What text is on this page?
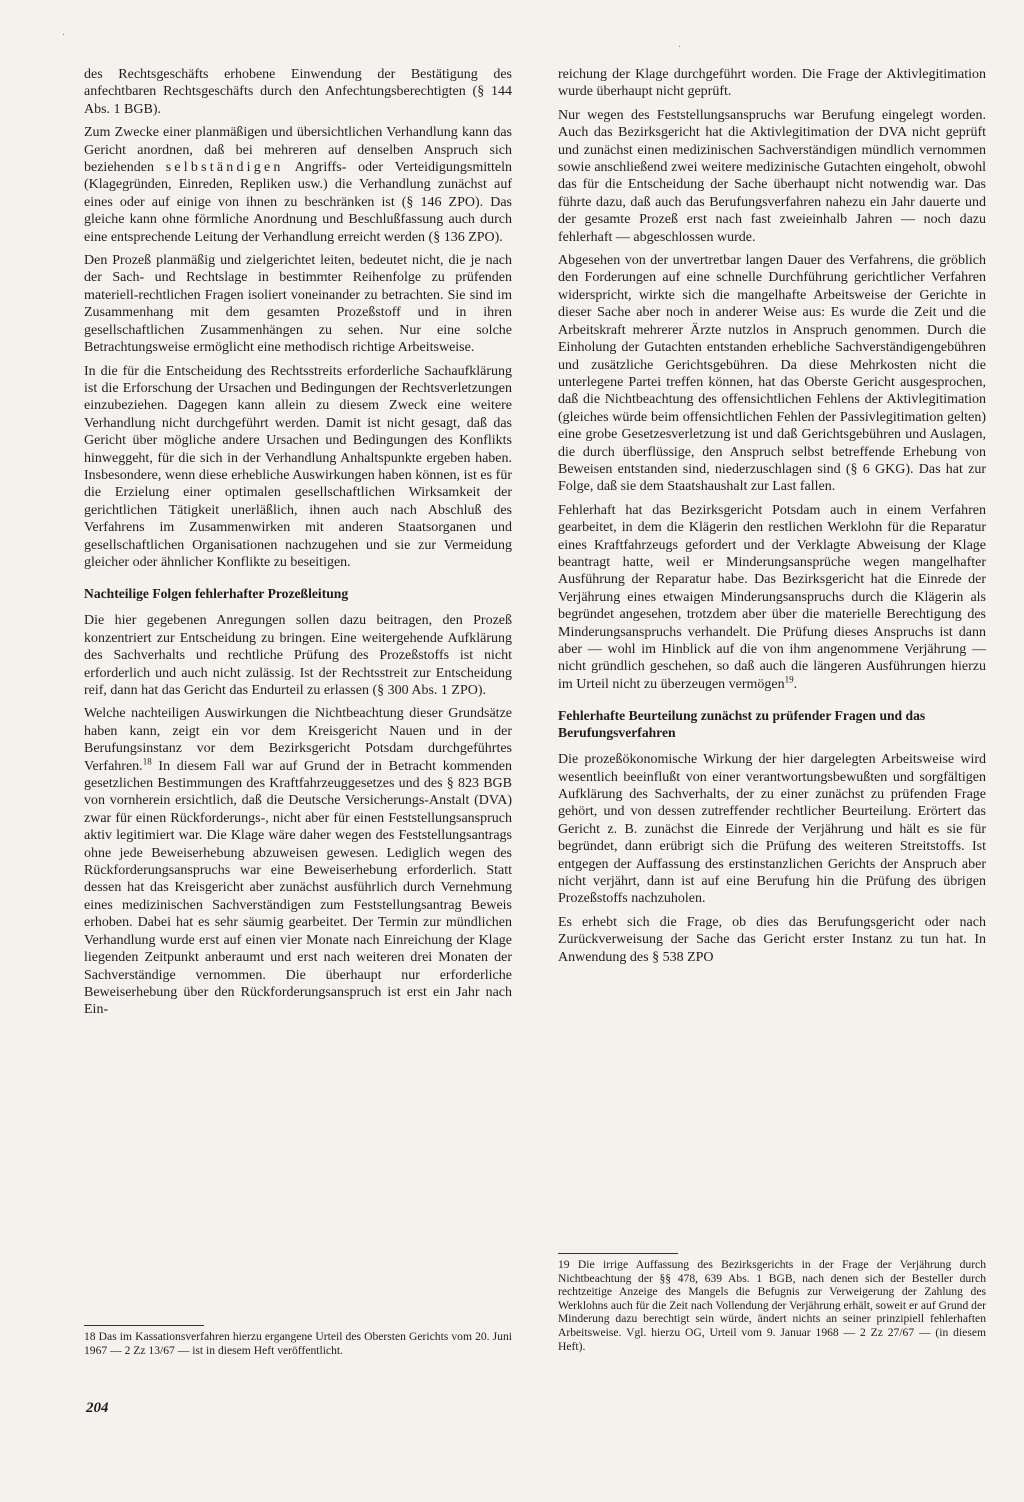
·
·

des Rechtsgeschäfts erhobene Einwendung der Bestätigung des anfechtbaren Rechtsgeschäfts durch den Anfechtungsberechtigten (§ 144 Abs. 1 BGB).

Zum Zwecke einer planmäßigen und übersichtlichen Verhandlung kann das Gericht anordnen, daß bei mehreren auf denselben Anspruch sich beziehenden selbständigen Angriffs- oder Verteidigungsmitteln (Klagegründen, Einreden, Repliken usw.) die Verhandlung zunächst auf eines oder auf einige von ihnen zu beschränken ist (§ 146 ZPO). Das gleiche kann ohne förmliche Anordnung und Beschlußfassung auch durch eine entsprechende Leitung der Verhandlung erreicht werden (§ 136 ZPO).

Den Prozeß planmäßig und zielgerichtet leiten, bedeutet nicht, die je nach der Sach- und Rechtslage in bestimmter Reihenfolge zu prüfenden materiell-rechtlichen Fragen isoliert voneinander zu betrachten. Sie sind im Zusammenhang mit dem gesamten Prozeßstoff und in ihren gesellschaftlichen Zusammenhängen zu sehen. Nur eine solche Betrachtungsweise ermöglicht eine methodisch richtige Arbeitsweise.

In die für die Entscheidung des Rechtsstreits erforderliche Sachaufklärung ist die Erforschung der Ursachen und Bedingungen der Rechtsverletzungen einzubeziehen. Dagegen kann allein zu diesem Zweck eine weitere Verhandlung nicht durchgeführt werden. Damit ist nicht gesagt, daß das Gericht über mögliche andere Ursachen und Bedingungen des Konflikts hinweggeht, für die sich in der Verhandlung Anhaltspunkte ergeben haben. Insbesondere, wenn diese erhebliche Auswirkungen haben können, ist es für die Erzielung einer optimalen gesellschaftlichen Wirksamkeit der gerichtlichen Tätigkeit unerläßlich, ihnen auch nach Abschluß des Verfahrens im Zusammenwirken mit anderen Staatsorganen und gesellschaftlichen Organisationen nachzugehen und sie zur Vermeidung gleicher oder ähnlicher Konflikte zu beseitigen.

Nachteilige Folgen fehlerhafter Prozeßleitung

Die hier gegebenen Anregungen sollen dazu beitragen, den Prozeß konzentriert zur Entscheidung zu bringen. Eine weitergehende Aufklärung des Sachverhalts und rechtliche Prüfung des Prozeßstoffs ist nicht erforderlich und auch nicht zulässig. Ist der Rechtsstreit zur Entscheidung reif, dann hat das Gericht das Endurteil zu erlassen (§ 300 Abs. 1 ZPO).

Welche nachteiligen Auswirkungen die Nichtbeachtung dieser Grundsätze haben kann, zeigt ein vor dem Kreisgericht Nauen und in der Berufungsinstanz vor dem Bezirksgericht Potsdam durchgeführtes Verfahren.$^{18}$ In diesem Fall war auf Grund der in Betracht kommenden gesetzlichen Bestimmungen des Kraftfahrzeuggesetzes und des § 823 BGB von vornherein ersichtlich, daß die Deutsche Versicherungs-Anstalt (DVA) zwar für einen Rückforderungs-, nicht aber für einen Feststellungsanspruch aktiv legitimiert war. Die Klage wäre daher wegen des Feststellungsantrags ohne jede Beweiserhebung abzuweisen gewesen. Lediglich wegen des Rückforderungsanspruchs war eine Beweiserhebung erforderlich. Statt dessen hat das Kreisgericht aber zunächst ausführlich durch Vernehmung eines medizinischen Sachverständigen zum Feststellungsantrag Beweis erhoben. Dabei hat es sehr säumig gearbeitet. Der Termin zur mündlichen Verhandlung wurde erst auf einen vier Monate nach Einreichung der Klage liegenden Zeitpunkt anberaumt und erst nach weiteren drei Monaten der Sachverständige vernommen. Die überhaupt nur erforderliche Beweiserhebung über den Rückforderungsanspruch ist erst ein Jahr nach Ein-

18 Das im Kassationsverfahren hierzu ergangene Urteil des Obersten Gerichts vom 20. Juni 1967 — 2 Zz 13/67 — ist in diesem Heft veröffentlicht.

204

reichung der Klage durchgeführt worden. Die Frage der Aktivlegitimation wurde überhaupt nicht geprüft.

Nur wegen des Feststellungsanspruchs war Berufung eingelegt worden. Auch das Bezirksgericht hat die Aktivlegitimation der DVA nicht geprüft und zunächst einen medizinischen Sachverständigen mündlich vernommen sowie anschließend zwei weitere medizinische Gutachten eingeholt, obwohl das für die Entscheidung der Sache überhaupt nicht notwendig war. Das führte dazu, daß auch das Berufungsverfahren nahezu ein Jahr dauerte und der gesamte Prozeß erst nach fast zweieinhalb Jahren — noch dazu fehlerhaft — abgeschlossen wurde.

Abgesehen von der unvertretbar langen Dauer des Verfahrens, die gröblich den Forderungen auf eine schnelle Durchführung gerichtlicher Verfahren widerspricht, wirkte sich die mangelhafte Arbeitsweise der Gerichte in dieser Sache aber noch in anderer Weise aus: Es wurde die Zeit und die Arbeitskraft mehrerer Ärzte nutzlos in Anspruch genommen. Durch die Einholung der Gutachten entstanden erhebliche Sachverständigengebühren und zusätzliche Gerichtsgebühren. Da diese Mehrkosten nicht die unterlegene Partei treffen können, hat das Oberste Gericht ausgesprochen, daß die Nichtbeachtung des offensichtlichen Fehlens der Aktivlegitimation (gleiches würde beim offensichtlichen Fehlen der Passivlegitimation gelten) eine grobe Gesetzesverletzung ist und daß Gerichtsgebühren und Auslagen, die durch überflüssige, den Anspruch selbst betreffende Erhebung von Beweisen entstanden sind, niederzuschlagen sind (§ 6 GKG). Das hat zur Folge, daß sie dem Staatshaushalt zur Last fallen.

Fehlerhaft hat das Bezirksgericht Potsdam auch in einem Verfahren gearbeitet, in dem die Klägerin den restlichen Werklohn für die Reparatur eines Kraftfahrzeugs gefordert und der Verklagte Abweisung der Klage beantragt hatte, weil er Minderungsansprüche wegen mangelhafter Ausführung der Reparatur habe. Das Bezirksgericht hat die Einrede der Verjährung eines etwaigen Minderungsanspruchs durch die Klägerin als begründet angesehen, trotzdem aber über die materielle Berechtigung des Minderungsanspruchs verhandelt. Die Prüfung dieses Anspruchs ist dann aber — wohl im Hinblick auf die von ihm angenommene Verjährung — nicht gründlich geschehen, so daß auch die längeren Ausführungen hierzu im Urteil nicht zu überzeugen vermögen$^{19}$.

Fehlerhafte Beurteilung zunächst zu prüfender Fragen und das Berufungsverfahren

Die prozeßökonomische Wirkung der hier dargelegten Arbeitsweise wird wesentlich beeinflußt von einer verantwortungsbewußten und sorgfältigen Aufklärung des Sachverhalts, der zu einer zunächst zu prüfenden Frage gehört, und von dessen zutreffender rechtlicher Beurteilung. Erörtert das Gericht z. B. zunächst die Einrede der Verjährung und hält es sie für begründet, dann erübrigt sich die Prüfung des weiteren Streitstoffs. Ist entgegen der Auffassung des erstinstanzlichen Gerichts der Anspruch aber nicht verjährt, dann ist auf eine Berufung hin die Prüfung des übrigen Prozeßstoffs nachzuholen.

Es erhebt sich die Frage, ob dies das Berufungsgericht oder nach Zurückverweisung der Sache das Gericht erster Instanz zu tun hat. In Anwendung des § 538 ZPO

19 Die irrige Auffassung des Bezirksgerichts in der Frage der Verjährung durch Nichtbeachtung der §§ 478, 639 Abs. 1 BGB, nach denen sich der Besteller durch rechtzeitige Anzeige des Mangels die Befugnis zur Verweigerung der Zahlung des Werklohns auch für die Zeit nach Vollendung der Verjährung erhält, soweit er auf Grund der Minderung dazu berechtigt sein würde, ändert nichts an seiner prinzipiell fehlerhaften Arbeitsweise. Vgl. hierzu OG, Urteil vom 9. Januar 1968 — 2 Zz 27/67 — (in diesem Heft).
